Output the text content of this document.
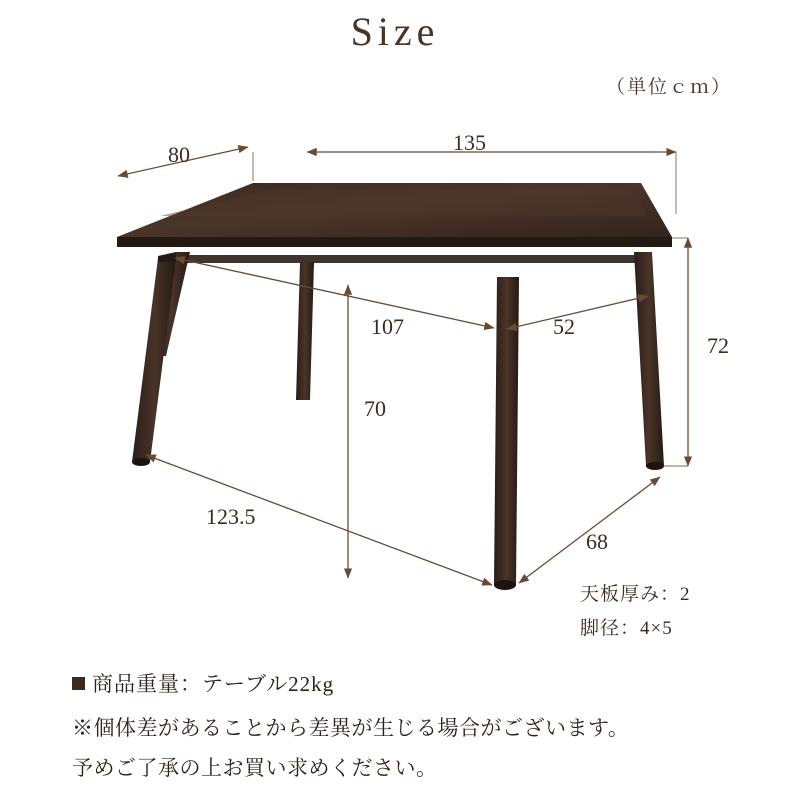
Size
（単位ｃｍ）
80	135
107	52
70
72
123.5
68
天板厚み：2
脚径：4×5
商品重量：テーブル22kg
※個体差があることから差異が生じる場合がございます。
予めご了承の上お買い求めください。
